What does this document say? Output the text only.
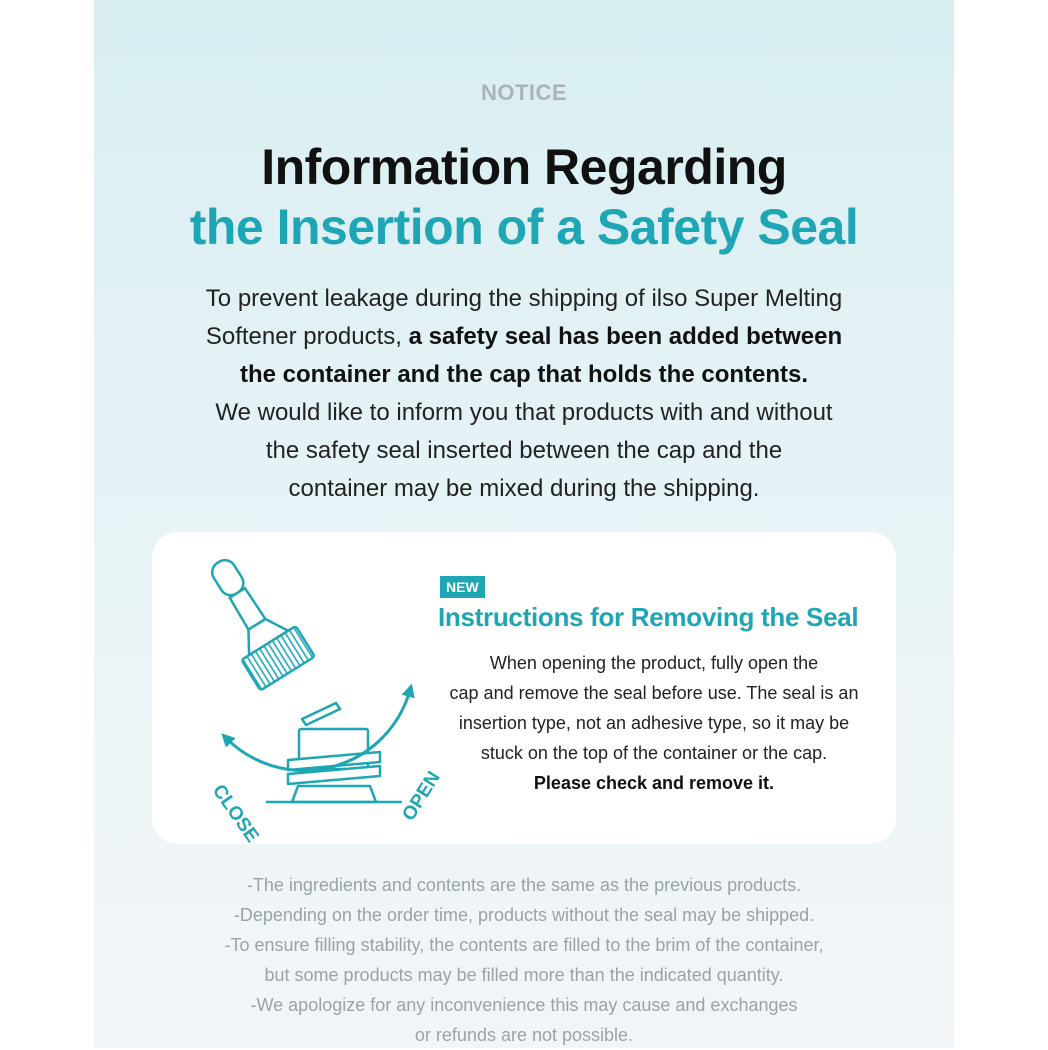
NOTICE
Information Regarding
the Insertion of a Safety Seal
To prevent leakage during the shipping of ilso Super Melting
Softener products, a safety seal has been added between
the container and the cap that holds the contents.
We would like to inform you that products with and without
the safety seal inserted between the cap and the
container may be mixed during the shipping.
CLOSE	OPEN
NEW
Instructions for Removing the Seal
When opening the product, fully open the
cap and remove the seal before use. The seal is an
insertion type, not an adhesive type, so it may be
stuck on the top of the container or the cap.
Please check and remove it.
-The ingredients and contents are the same as the previous products.
-Depending on the order time, products without the seal may be shipped.
-To ensure filling stability, the contents are filled to the brim of the container,
but some products may be filled more than the indicated quantity.
-We apologize for any inconvenience this may cause and exchanges
or refunds are not possible.
